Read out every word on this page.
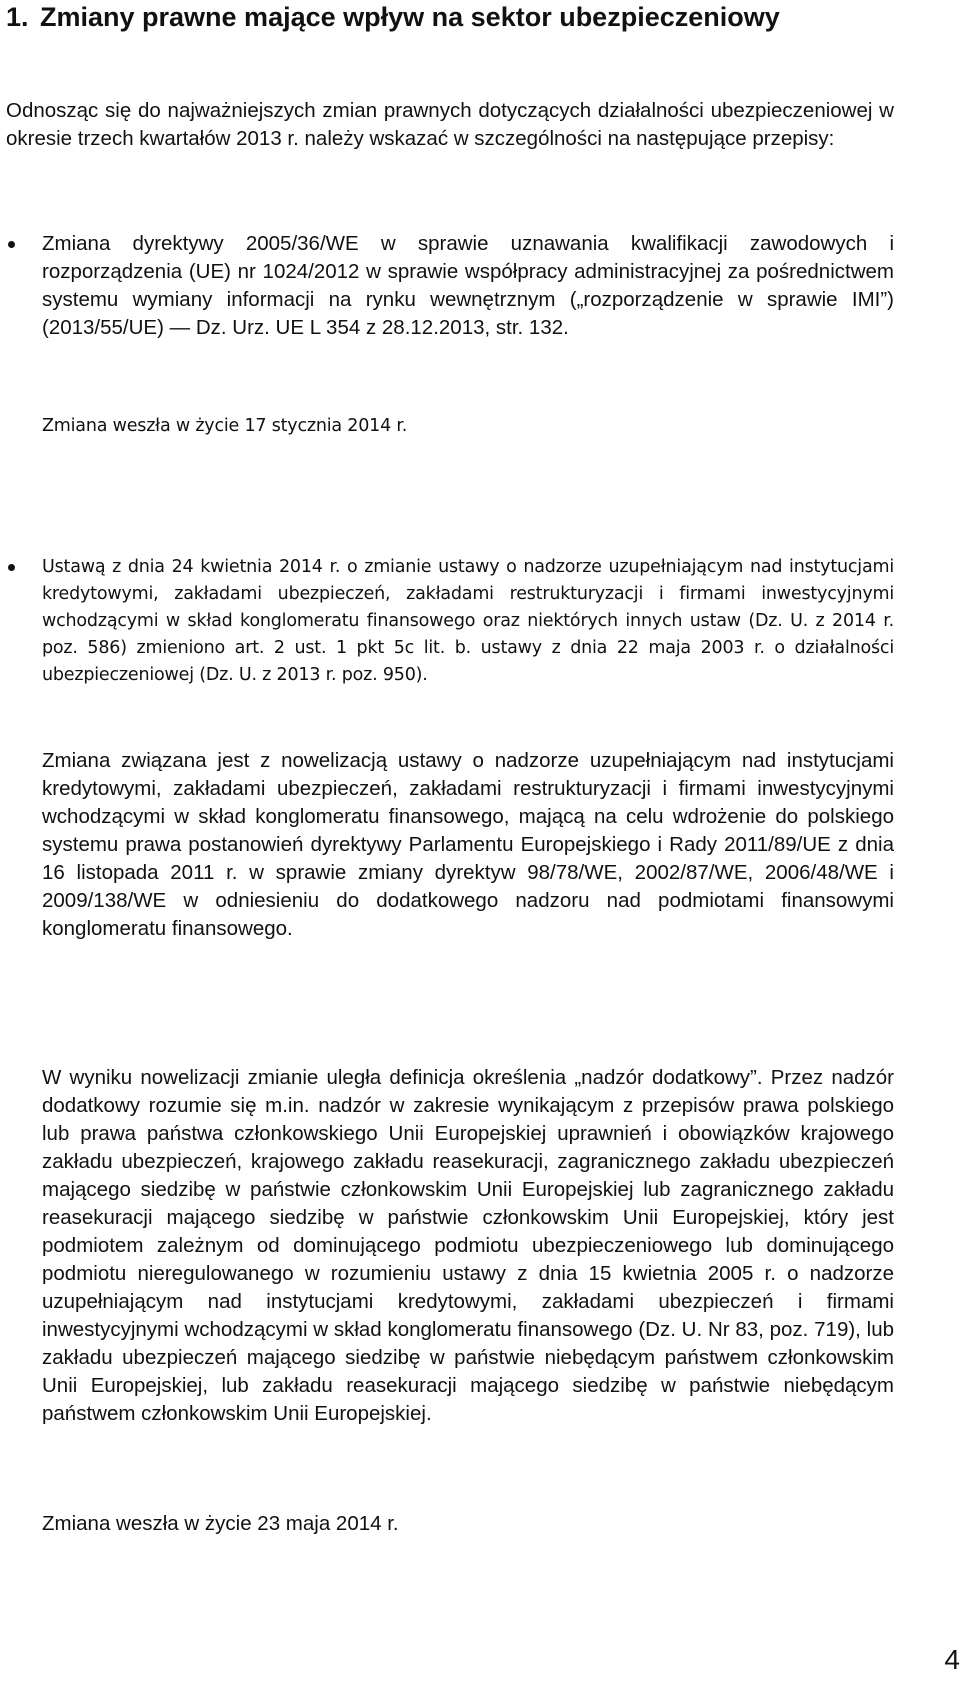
1. Zmiany prawne mające wpływ na sektor ubezpieczeniowy

Odnosząc się do najważniejszych zmian prawnych dotyczących działalności ubezpieczeniowej w okresie trzech kwartałów 2013 r. należy wskazać w szczególności na następujące przepisy:

Zmiana dyrektywy 2005/36/WE w sprawie uznawania kwalifikacji zawodowych i rozporządzenia (UE) nr 1024/2012 w sprawie współpracy administracyjnej za pośrednictwem systemu wymiany informacji na rynku wewnętrznym („rozporządzenie w sprawie IMI”) (2013/55/UE) — Dz. Urz. UE L 354 z 28.12.2013, str. 132.

Zmiana weszła w życie 17 stycznia 2014 r.

Ustawą z dnia 24 kwietnia 2014 r. o zmianie ustawy o nadzorze uzupełniającym nad instytucjami kredytowymi, zakładami ubezpieczeń, zakładami restrukturyzacji i firmami inwestycyjnymi wchodzącymi w skład konglomeratu finansowego oraz niektórych innych ustaw (Dz. U. z 2014 r. poz. 586) zmieniono art. 2 ust. 1 pkt 5c lit. b. ustawy z dnia 22 maja 2003 r. o działalności ubezpieczeniowej (Dz. U. z 2013 r. poz. 950).

Zmiana związana jest z nowelizacją ustawy o nadzorze uzupełniającym nad instytucjami kredytowymi, zakładami ubezpieczeń, zakładami restrukturyzacji i firmami inwestycyjnymi wchodzącymi w skład konglomeratu finansowego, mającą na celu wdrożenie do polskiego systemu prawa postanowień dyrektywy Parlamentu Europejskiego i Rady 2011/89/UE z dnia 16 listopada 2011 r. w sprawie zmiany dyrektyw 98/78/WE, 2002/87/WE, 2006/48/WE i 2009/138/WE w odniesieniu do dodatkowego nadzoru nad podmiotami finansowymi konglomeratu finansowego.

W wyniku nowelizacji zmianie uległa definicja określenia „nadzór dodatkowy”. Przez nadzór dodatkowy rozumie się m.in. nadzór w zakresie wynikającym z przepisów prawa polskiego lub prawa państwa członkowskiego Unii Europejskiej uprawnień i obowiązków krajowego zakładu ubezpieczeń, krajowego zakładu reasekuracji, zagranicznego zakładu ubezpieczeń mającego siedzibę w państwie członkowskim Unii Europejskiej lub zagranicznego zakładu reasekuracji mającego siedzibę w państwie członkowskim Unii Europejskiej, który jest podmiotem zależnym od dominującego podmiotu ubezpieczeniowego lub dominującego podmiotu nieregulowanego w rozumieniu ustawy z dnia 15 kwietnia 2005 r. o nadzorze uzupełniającym nad instytucjami kredytowymi, zakładami ubezpieczeń i firmami inwestycyjnymi wchodzącymi w skład konglomeratu finansowego (Dz. U. Nr 83, poz. 719), lub zakładu ubezpieczeń mającego siedzibę w państwie niebędącym państwem członkowskim Unii Europejskiej, lub zakładu reasekuracji mającego siedzibę w państwie niebędącym państwem członkowskim Unii Europejskiej.

Zmiana weszła w życie 23 maja 2014 r.

4
